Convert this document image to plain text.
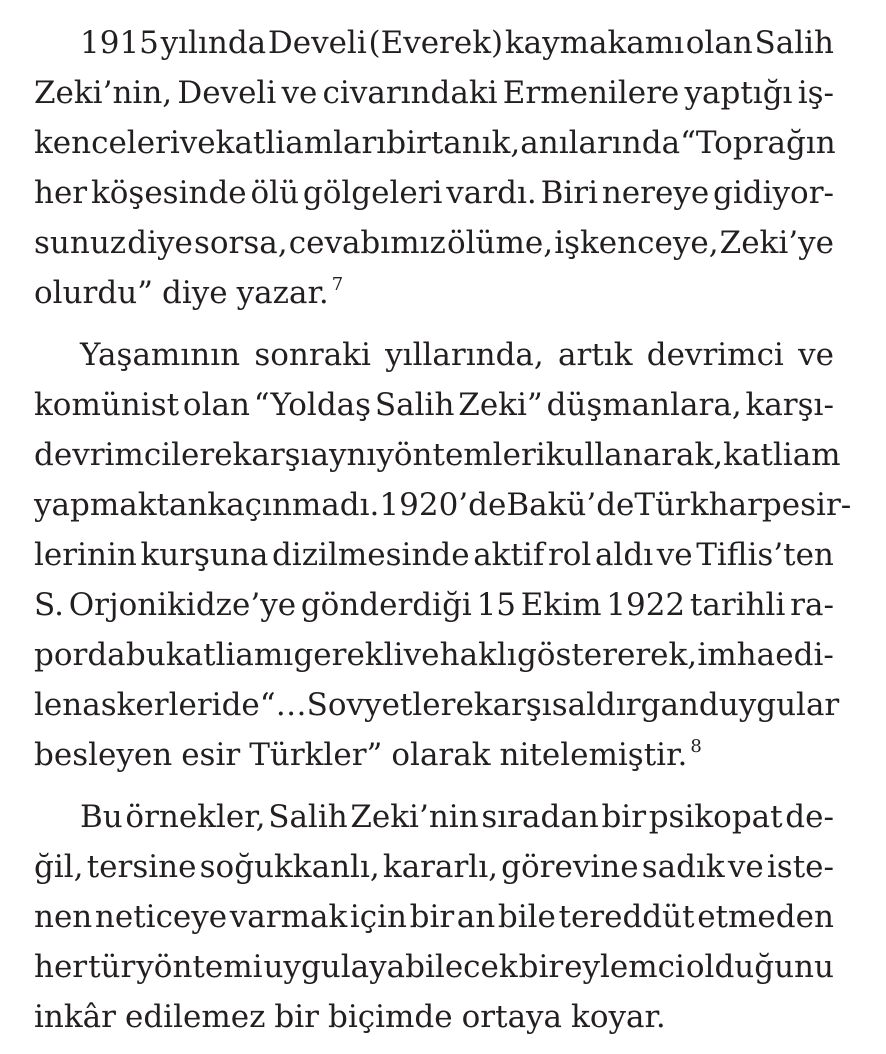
1915 yılında Develi (Everek) kaymakamı olan Salih
Zeki’nin, Develi ve civarındaki Ermenilere yaptığı iş-
kenceleri ve katliamları bir tanık, anılarında “Toprağın
her köşesinde ölü gölgeleri vardı. Biri nereye gidiyor-
sunuz diye sorsa, cevabımız ölüme, işkenceye, Zeki’ye
olurdu” diye yazar. $^7$
Yaşamının sonraki yıllarında, artık devrimci ve
komünist olan “Yoldaş Salih Zeki” düşmanlara, karşı-
devrimcilere karşı aynı yöntemleri kullanarak, katliam
yapmaktan kaçınmadı. 1920’de Bakü’de Türk harp esir-
lerinin kurşuna dizilmesinde aktif rol aldı ve Tiflis’ten
S. Orjonikidze’ye gönderdiği 15 Ekim 1922 tarihli ra-
porda bu katliamı gerekli ve haklı göstererek, imha edi-
len askerleri de “… Sovyetlere karşı saldırgan duygular
besleyen esir Türkler” olarak nitelemiştir. $^8$
Bu örnekler, Salih Zeki’nin sıradan bir psikopat de-
ğil, tersine soğukkanlı, kararlı, görevine sadık ve iste-
nen neticeye varmak için bir an bile tereddüt etmeden
her tür yöntemi uygulayabilecek bir eylemci olduğunu
inkâr edilemez bir biçimde ortaya koyar.
